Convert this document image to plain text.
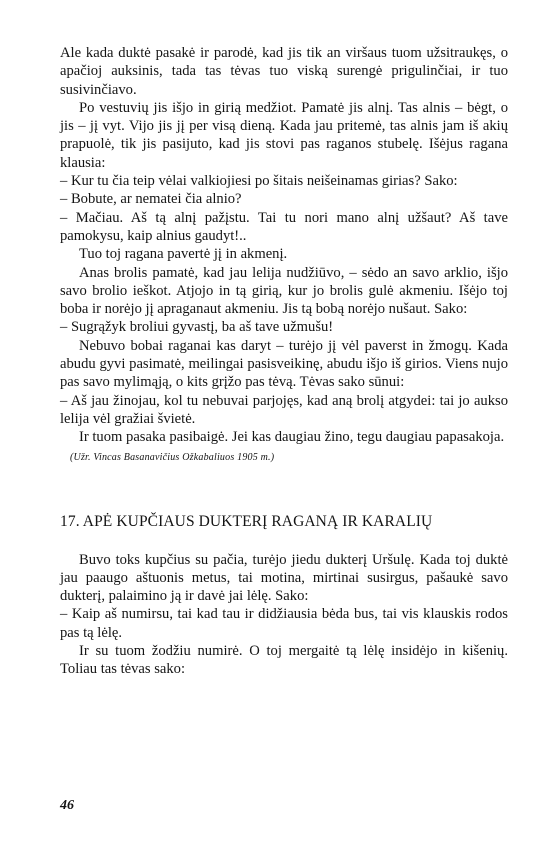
Ale kada duktė pasakė ir parodė, kad jis tik an viršaus tuom užsitraukęs, o apačioj auksinis, tada tas tėvas tuo viską surengė prigulinčiai, ir tuo susivinčiavo.

Po vestuvių jis išjo in girią medžiot. Pamatė jis alnį. Tas alnis – bėgt, o jis – jį vyt. Vijo jis jį per visą dieną. Kada jau pritemė, tas alnis jam iš akių prapuolė, tik jis pasijuto, kad jis stovi pas raganos stubelę. Išėjus ragana klausia:

– Kur tu čia teip vėlai valkiojiesi po šitais neišeinamas girias? Sako:

– Bobute, ar nematei čia alnio?

– Mačiau. Aš tą alnį pažįstu. Tai tu nori mano alnį užšaut? Aš tave pamokysu, kaip alnius gaudyt!..

Tuo toj ragana pavertė jį in akmenį.

Anas brolis pamatė, kad jau lelija nudžiūvo, – sėdo an savo arklio, išjo savo brolio ieškot. Atjojo in tą girią, kur jo brolis gulė akmeniu. Išėjo toj boba ir norėjo jį apraganaut akmeniu. Jis tą bobą norėjo nušaut. Sako:

– Sugrąžyk broliui gyvastį, ba aš tave užmušu!

Nebuvo bobai raganai kas daryt – turėjo jį vėl paverst in žmogų. Kada abudu gyvi pasimatė, meilingai pasisveikinę, abudu išjo iš girios. Viens nujo pas savo mylimąją, o kits grįžo pas tėvą. Tėvas sako sūnui:

– Aš jau žinojau, kol tu nebuvai parjojęs, kad aną brolį atgydei: tai jo aukso lelija vėl gražiai švietė.

Ir tuom pasaka pasibaigė. Jei kas daugiau žino, tegu daugiau papasakoja.

(Užr. Vincas Basanavičius Ožkabaliuos 1905 m.)

17. APĖ KUPČIAUS DUKTERĮ RAGANĄ IR KARALIŲ

Buvo toks kupčius su pačia, turėjo jiedu dukterį Uršulę. Kada toj duktė jau paaugo aštuonis metus, tai motina, mirtinai susirgus, pašaukė savo dukterį, palaimino ją ir davė jai lėlę. Sako:

– Kaip aš numirsu, tai kad tau ir didžiausia bėda bus, tai vis klauskis rodos pas tą lėlę.

Ir su tuom žodžiu numirė. O toj mergaitė tą lėlę insidėjo in kišenių. Toliau tas tėvas sako:

46
